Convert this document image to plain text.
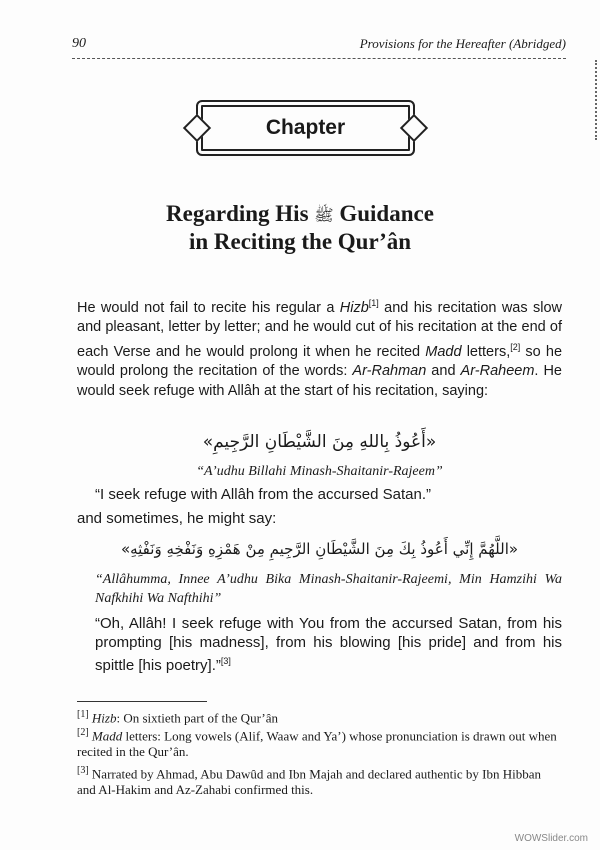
90	Provisions for the Hereafter (Abridged)
Chapter
Regarding His ﷺ Guidance
in Reciting the Qur’ân
He would not fail to recite his regular a Hizb[1] and his recitation was slow and pleasant, letter by letter; and he would cut of his recitation at the end of each Verse and he would prolong it when he recited Madd letters,[2] so he would prolong the recitation of the words: Ar-Rahman and Ar-Raheem. He would seek refuge with Allâh at the start of his recitation, saying:
«أَعُوذُ بِاللهِ مِنَ الشَّيْطَانِ الرَّجِيمِ»
“A’udhu Billahi Minash-Shaitanir-Rajeem”
“I seek refuge with Allâh from the accursed Satan.”
and sometimes, he might say:
«اللَّهُمَّ إِنِّي أَعُوذُ بِكَ مِنَ الشَّيْطَانِ الرَّجِيمِ مِنْ هَمْزِهِ وَنَفْخِهِ وَنَفْثِهِ»
“Allâhumma, Innee A’udhu Bika Minash-Shaitanir-Rajeemi, Min Hamzihi Wa Nafkhihi Wa Nafthihi”
“Oh, Allâh! I seek refuge with You from the accursed Satan, from his prompting [his madness], from his blowing [his pride] and from his spittle [his poetry].”[3]
[1] Hizb: On sixtieth part of the Qur’ân
[2] Madd letters: Long vowels (Alif, Waaw and Ya’) whose pronunciation is drawn out when recited in the Qur’ân.
[3] Narrated by Ahmad, Abu Dawûd and Ibn Majah and declared authentic by Ibn Hibban and Al-Hakim and Az-Zahabi confirmed this.
WOWSlider.com
